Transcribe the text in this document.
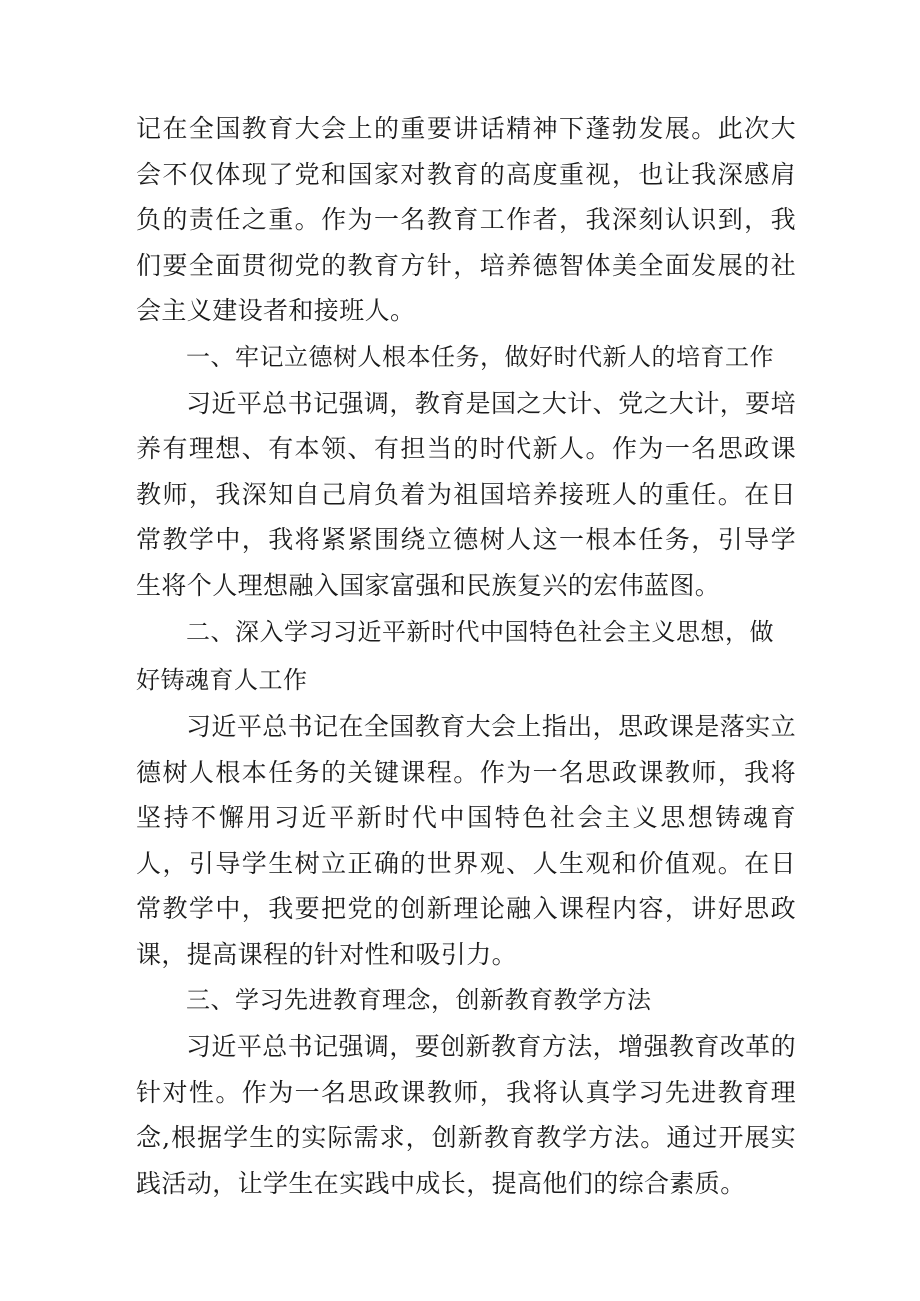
记在全国教育大会上的重要讲话精神下蓬勃发展。此次大会不仅体现了党和国家对教育的高度重视，也让我深感肩负的责任之重。作为一名教育工作者，我深刻认识到，我们要全面贯彻党的教育方针，培养德智体美全面发展的社会主义建设者和接班人。

一、牢记立德树人根本任务，做好时代新人的培育工作

习近平总书记强调，教育是国之大计、党之大计，要培养有理想、有本领、有担当的时代新人。作为一名思政课教师，我深知自己肩负着为祖国培养接班人的重任。在日常教学中，我将紧紧围绕立德树人这一根本任务，引导学生将个人理想融入国家富强和民族复兴的宏伟蓝图。

二、深入学习习近平新时代中国特色社会主义思想，做好铸魂育人工作

习近平总书记在全国教育大会上指出，思政课是落实立德树人根本任务的关键课程。作为一名思政课教师，我将坚持不懈用习近平新时代中国特色社会主义思想铸魂育人，引导学生树立正确的世界观、人生观和价值观。在日常教学中，我要把党的创新理论融入课程内容，讲好思政课，提高课程的针对性和吸引力。

三、学习先进教育理念，创新教育教学方法

习近平总书记强调，要创新教育方法，增强教育改革的针对性。作为一名思政课教师，我将认真学习先进教育理念,根据学生的实际需求，创新教育教学方法。通过开展实践活动，让学生在实践中成长，提高他们的综合素质。
